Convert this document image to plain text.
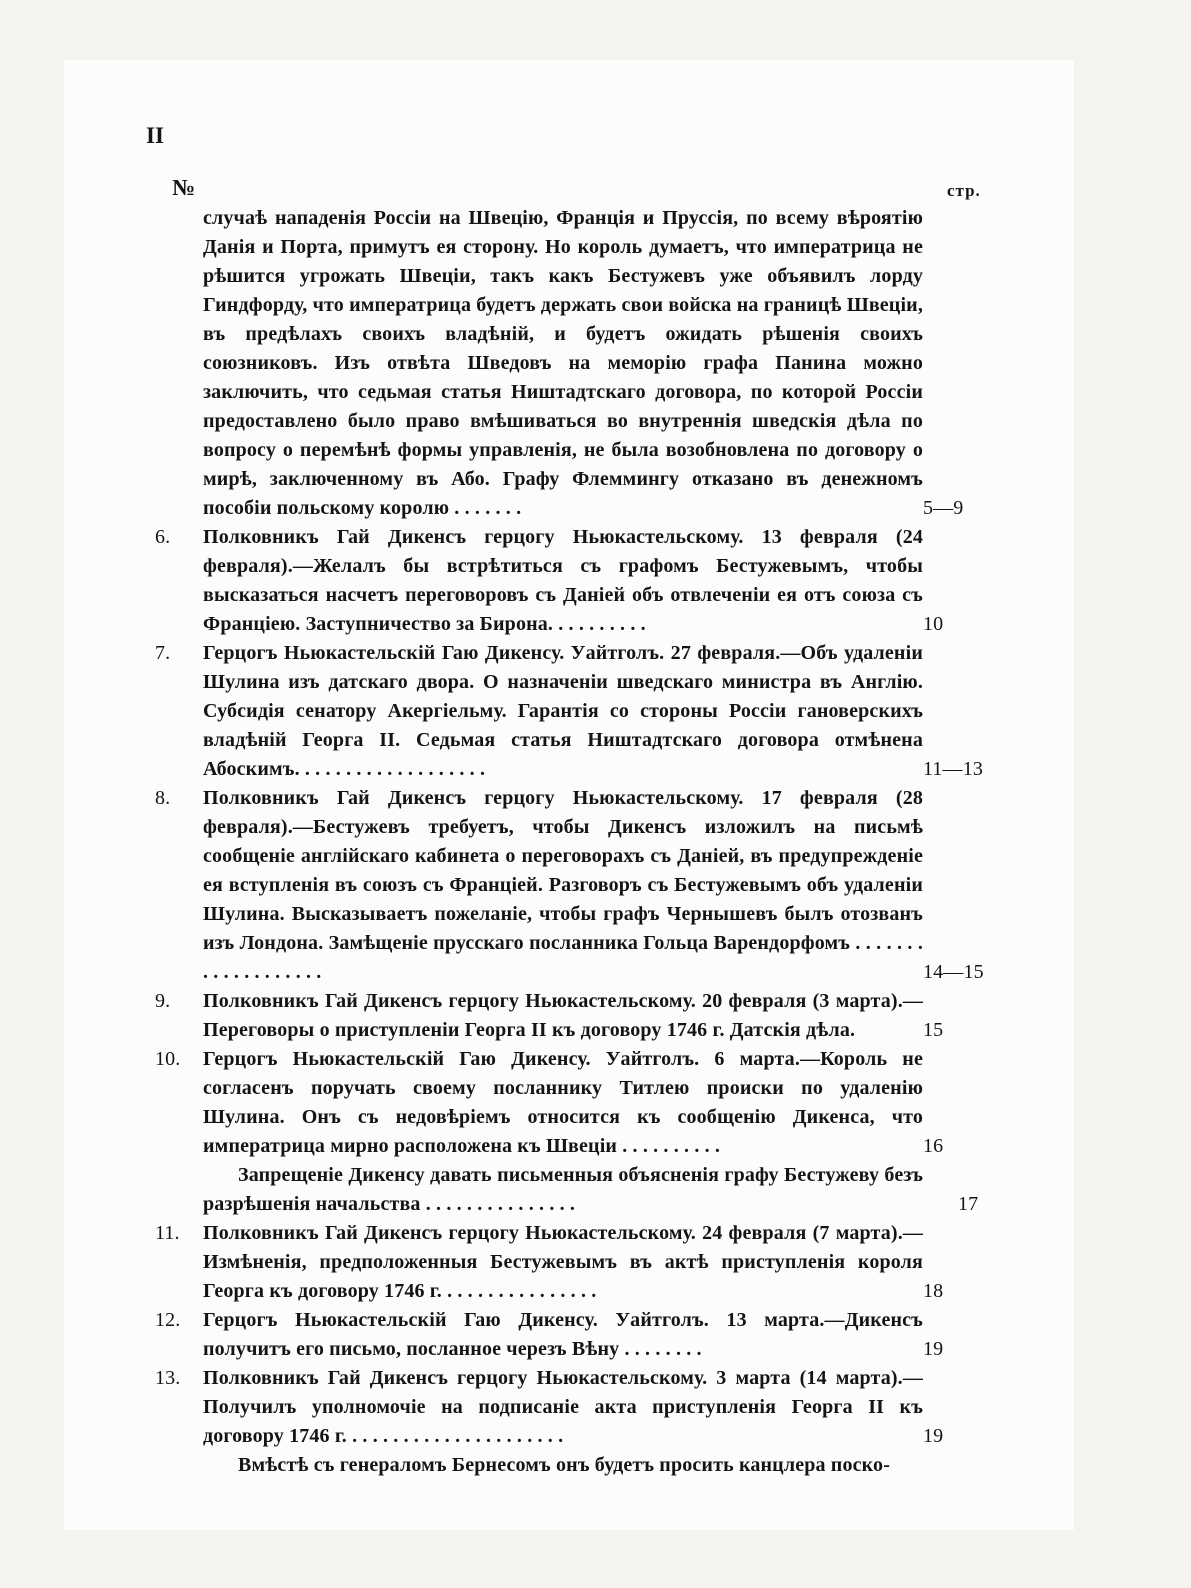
II
№	стр.
случаѣ нападенія Россіи на Швецію, Франція и Пруссія, по всему вѣроятію Данія и Порта, примутъ ея сторону. Но король думаетъ, что императрица не рѣшится угрожать Швеціи, такъ какъ Бестужевъ уже объявилъ лорду Гиндфорду, что императрица будетъ держать свои войска на границѣ Швеціи, въ предѣлахъ своихъ владѣній, и будетъ ожидать рѣшенія своихъ союзниковъ. Изъ отвѣта Шведовъ на меморію графа Панина можно заключить, что седьмая статья Ништадтскаго договора, по которой Россіи предоставлено было право вмѣшиваться во внутреннія шведскія дѣла по вопросу о перемѣнѣ формы управленія, не была возобновлена по договору о мирѣ, заключенному въ Або. Графу Флеммингу отказано въ денежномъ пособіи польскому королю . . . . . . .	5—9
6.	Полковникъ Гай Дикенсъ герцогу Ньюкастельскому. 13 февраля (24 февраля).—Желалъ бы встрѣтиться съ графомъ Бестужевымъ, чтобы высказаться насчетъ переговоровъ съ Даніей объ отвлеченіи ея отъ союза съ Франціею. Заступничество за Бирона. . . . . . . . . .	10
7.	Герцогъ Ньюкастельскій Гаю Дикенсу. Уайтголъ. 27 февраля.—Объ удаленіи Шулина изъ датскаго двора. О назначеніи шведскаго министра въ Англію. Субсидія сенатору Акергіельму. Гарантія со стороны Россіи гановерскихъ владѣній Георга II. Седьмая статья Ништадтскаго договора отмѣнена Абоскимъ. . . . . . . . . . . . . . . . . . .	11—13
8.	Полковникъ Гай Дикенсъ герцогу Ньюкастельскому. 17 февраля (28 февраля).—Бестужевъ требуетъ, чтобы Дикенсъ изложилъ на письмѣ сообщеніе англійскаго кабинета о переговорахъ съ Даніей, въ предупрежденіе ея вступленія въ союзъ съ Франціей. Разговоръ съ Бестужевымъ объ удаленіи Шулина. Высказываетъ пожеланіе, чтобы графъ Чернышевъ былъ отозванъ изъ Лондона. Замѣщеніе прусскаго посланника Гольца Варендорфомъ . . . . . . . . . . . . . . . . . . .	14—15
9.	Полковникъ Гай Дикенсъ герцогу Ньюкастельскому. 20 февраля (3 марта).— Переговоры о приступленіи Георга II къ договору 1746 г. Датскія дѣла.	15
10.	Герцогъ Ньюкастельскій Гаю Дикенсу. Уайтголъ. 6 марта.—Король не согласенъ поручать своему посланнику Титлею происки по удаленію Шулина. Онъ съ недовѣріемъ относится къ сообщенію Дикенса, что императрица мирно расположена къ Швеціи . . . . . . . . . .	16
Запрещеніе Дикенсу давать письменныя объясненія графу Бестужеву безъ разрѣшенія начальства . . . . . . . . . . . . . . .	17
11.	Полковникъ Гай Дикенсъ герцогу Ньюкастельскому. 24 февраля (7 марта).— Измѣненія, предположенныя Бестужевымъ въ актѣ приступленія короля Георга къ договору 1746 г. . . . . . . . . . . . . . . .	18
12.	Герцогъ Ньюкастельскій Гаю Дикенсу. Уайтголъ. 13 марта.—Дикенсъ получитъ его письмо, посланное черезъ Вѣну . . . . . . . .	19
13.	Полковникъ Гай Дикенсъ герцогу Ньюкастельскому. 3 марта (14 марта).— Получилъ уполномочіе на подписаніе акта приступленія Георга II къ договору 1746 г. . . . . . . . . . . . . . . . . . . . . .	19
Вмѣстѣ съ генераломъ Бернесомъ онъ будетъ просить канцлера поско-
